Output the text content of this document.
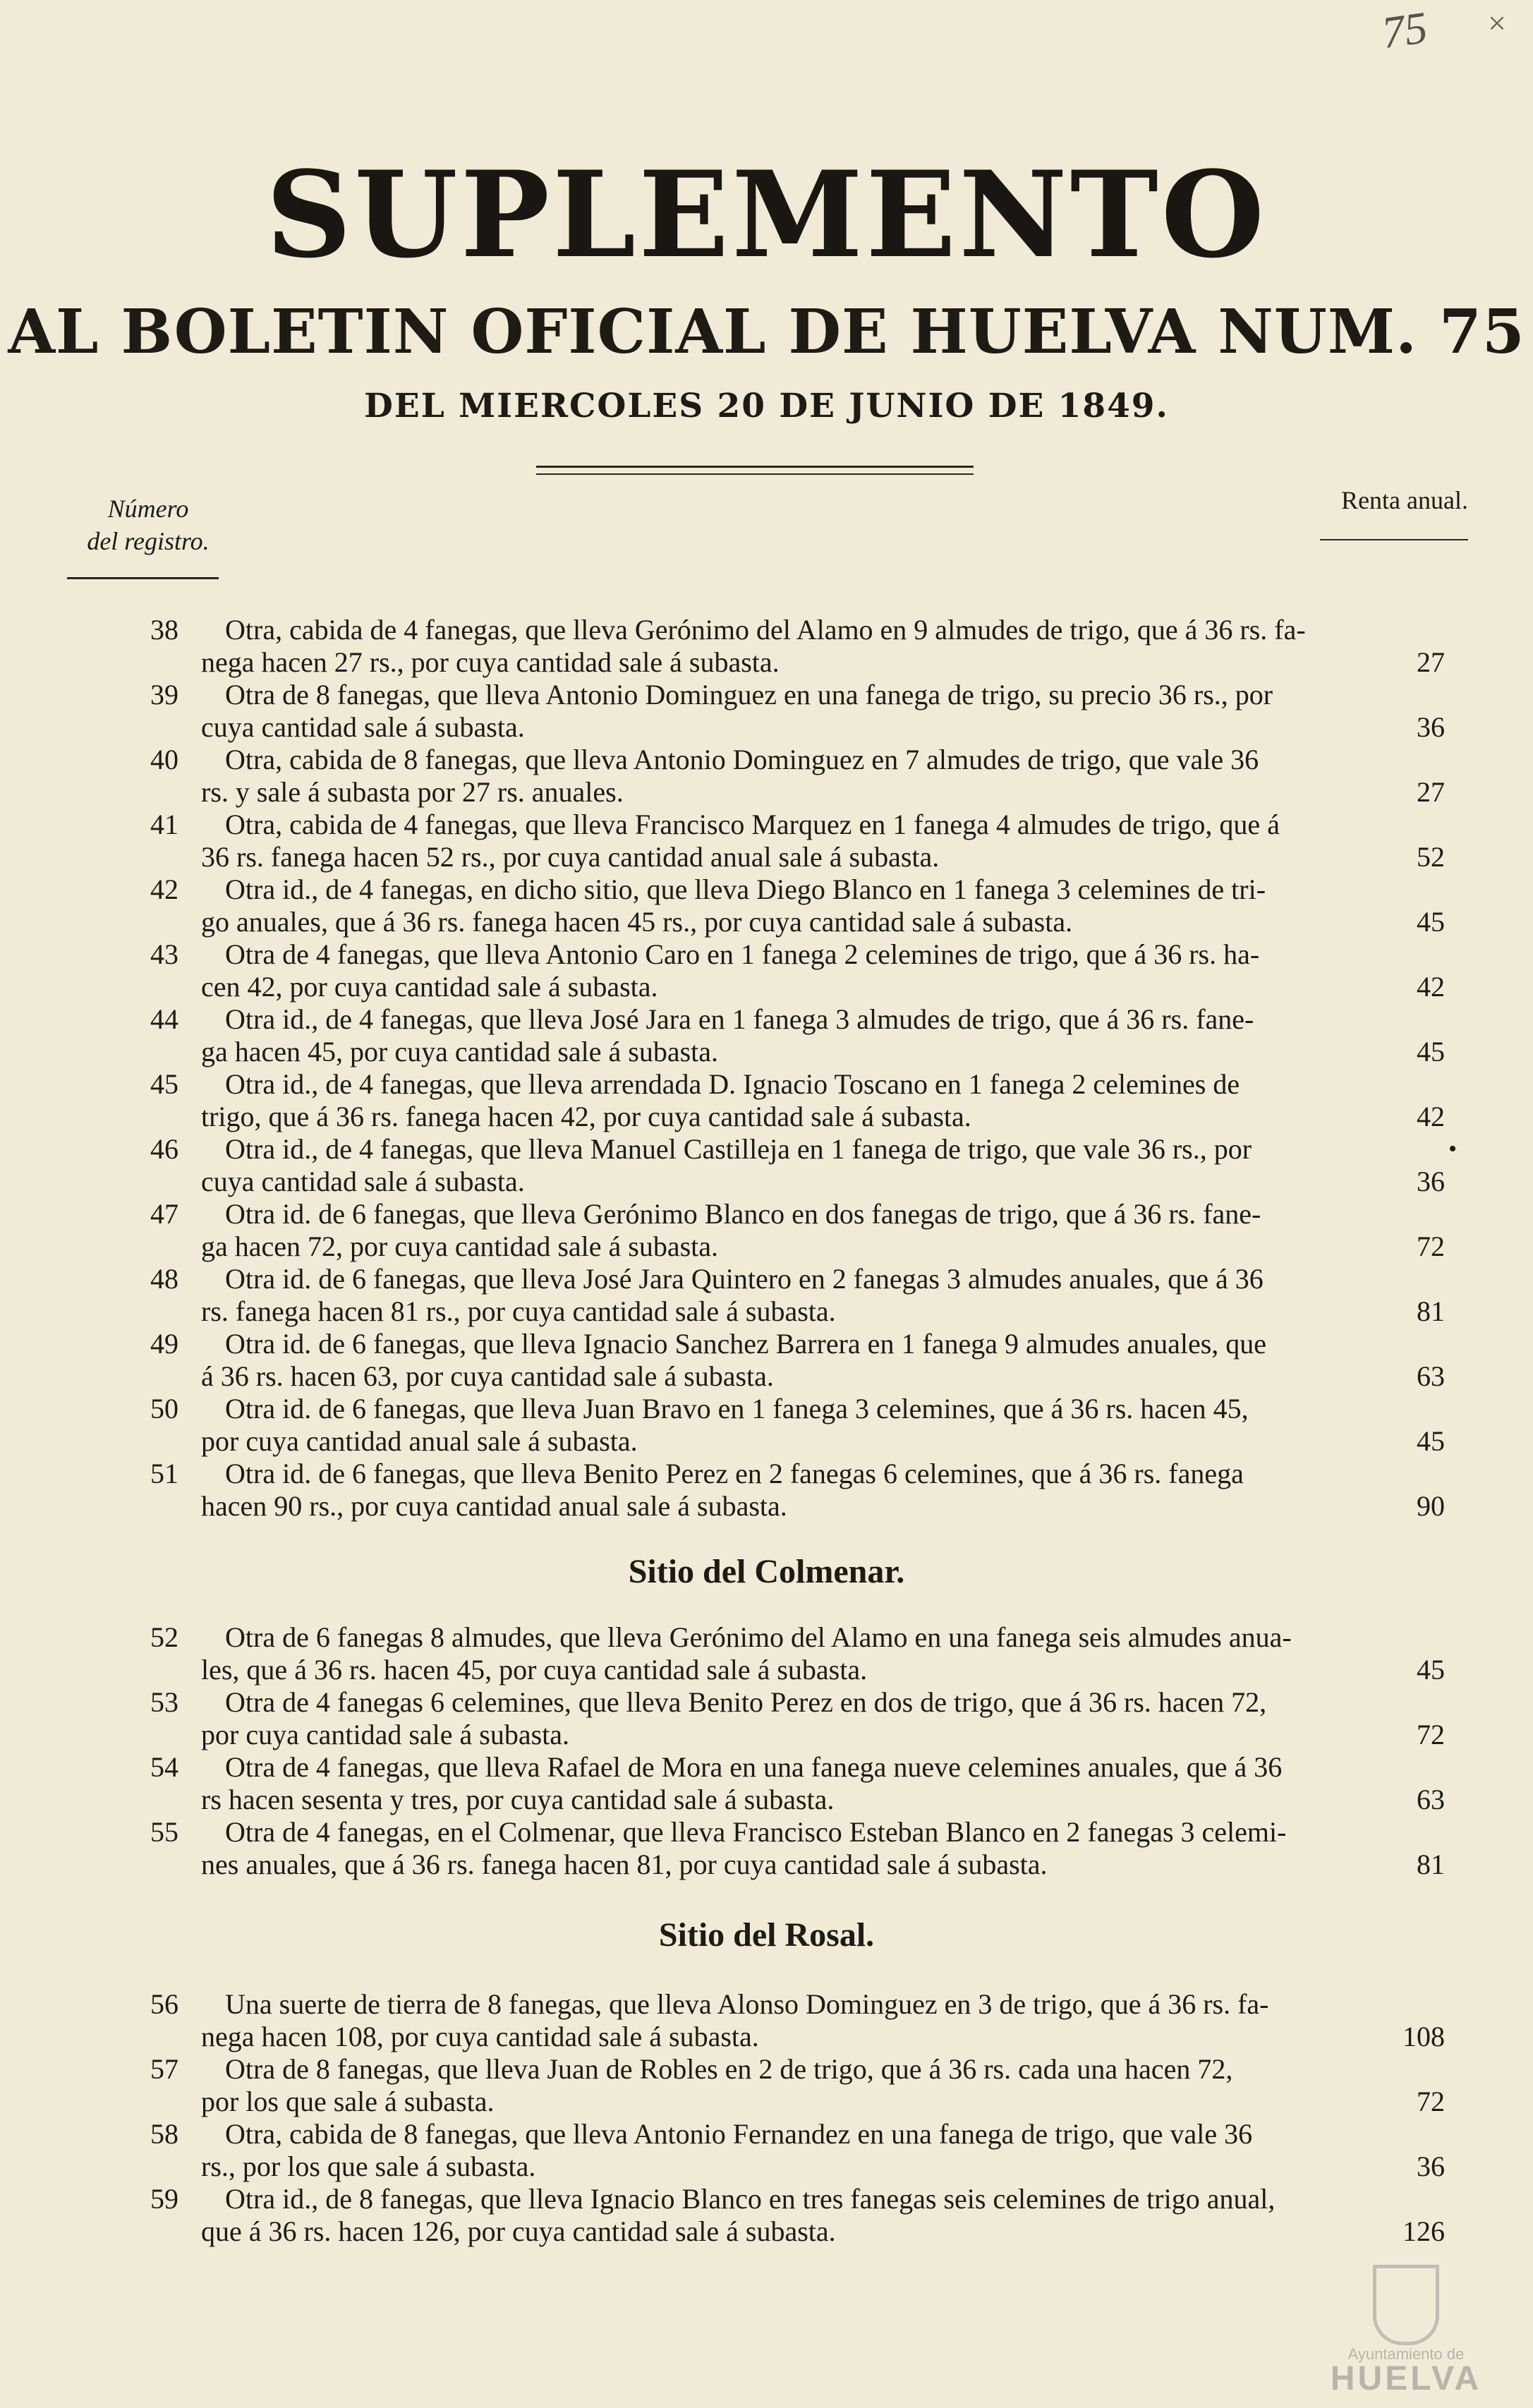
75 ×
SUPLEMENTO
AL BOLETIN OFICIAL DE HUELVA NUM. 75
DEL MIERCOLES 20 DE JUNIO DE 1849.
Número
del registro.
Renta anual.
38	Otra, cabida de 4 fanegas, que lleva Gerónimo del Alamo en 9 almudes de trigo, que á 36 rs. fa-
nega hacen 27 rs., por cuya cantidad sale á subasta.	27
39	Otra de 8 fanegas, que lleva Antonio Dominguez en una fanega de trigo, su precio 36 rs., por
cuya cantidad sale á subasta.	36
40	Otra, cabida de 8 fanegas, que lleva Antonio Dominguez en 7 almudes de trigo, que vale 36
rs. y sale á subasta por 27 rs. anuales.	27
41	Otra, cabida de 4 fanegas, que lleva Francisco Marquez en 1 fanega 4 almudes de trigo, que á
36 rs. fanega hacen 52 rs., por cuya cantidad anual sale á subasta.	52
42	Otra id., de 4 fanegas, en dicho sitio, que lleva Diego Blanco en 1 fanega 3 celemines de tri-
go anuales, que á 36 rs. fanega hacen 45 rs., por cuya cantidad sale á subasta.	45
43	Otra de 4 fanegas, que lleva Antonio Caro en 1 fanega 2 celemines de trigo, que á 36 rs. ha-
cen 42, por cuya cantidad sale á subasta.	42
44	Otra id., de 4 fanegas, que lleva José Jara en 1 fanega 3 almudes de trigo, que á 36 rs. fane-
ga hacen 45, por cuya cantidad sale á subasta.	45
45	Otra id., de 4 fanegas, que lleva arrendada D. Ignacio Toscano en 1 fanega 2 celemines de
trigo, que á 36 rs. fanega hacen 42, por cuya cantidad sale á subasta.	42
46	Otra id., de 4 fanegas, que lleva Manuel Castilleja en 1 fanega de trigo, que vale 36 rs., por
cuya cantidad sale á subasta.	36
•
47	Otra id. de 6 fanegas, que lleva Gerónimo Blanco en dos fanegas de trigo, que á 36 rs. fane-
ga hacen 72, por cuya cantidad sale á subasta.	72
48	Otra id. de 6 fanegas, que lleva José Jara Quintero en 2 fanegas 3 almudes anuales, que á 36
rs. fanega hacen 81 rs., por cuya cantidad sale á subasta.	81
49	Otra id. de 6 fanegas, que lleva Ignacio Sanchez Barrera en 1 fanega 9 almudes anuales, que
á 36 rs. hacen 63, por cuya cantidad sale á subasta.	63
50	Otra id. de 6 fanegas, que lleva Juan Bravo en 1 fanega 3 celemines, que á 36 rs. hacen 45,
por cuya cantidad anual sale á subasta.	45
51	Otra id. de 6 fanegas, que lleva Benito Perez en 2 fanegas 6 celemines, que á 36 rs. fanega
hacen 90 rs., por cuya cantidad anual sale á subasta.	90
Sitio del Colmenar.
52	Otra de 6 fanegas 8 almudes, que lleva Gerónimo del Alamo en una fanega seis almudes anua-
les, que á 36 rs. hacen 45, por cuya cantidad sale á subasta.	45
53	Otra de 4 fanegas 6 celemines, que lleva Benito Perez en dos de trigo, que á 36 rs. hacen 72,
por cuya cantidad sale á subasta.	72
54	Otra de 4 fanegas, que lleva Rafael de Mora en una fanega nueve celemines anuales, que á 36
rs hacen sesenta y tres, por cuya cantidad sale á subasta.	63
55	Otra de 4 fanegas, en el Colmenar, que lleva Francisco Esteban Blanco en 2 fanegas 3 celemi-
nes anuales, que á 36 rs. fanega hacen 81, por cuya cantidad sale á subasta.	81
Sitio del Rosal.
56	Una suerte de tierra de 8 fanegas, que lleva Alonso Dominguez en 3 de trigo, que á 36 rs. fa-
nega hacen 108, por cuya cantidad sale á subasta.	108
57	Otra de 8 fanegas, que lleva Juan de Robles en 2 de trigo, que á 36 rs. cada una hacen 72,
por los que sale á subasta.	72
58	Otra, cabida de 8 fanegas, que lleva Antonio Fernandez en una fanega de trigo, que vale 36
rs., por los que sale á subasta.	36
59	Otra id., de 8 fanegas, que lleva Ignacio Blanco en tres fanegas seis celemines de trigo anual,
que á 36 rs. hacen 126, por cuya cantidad sale á subasta.	126
Ayuntamiento de
HUELVA
